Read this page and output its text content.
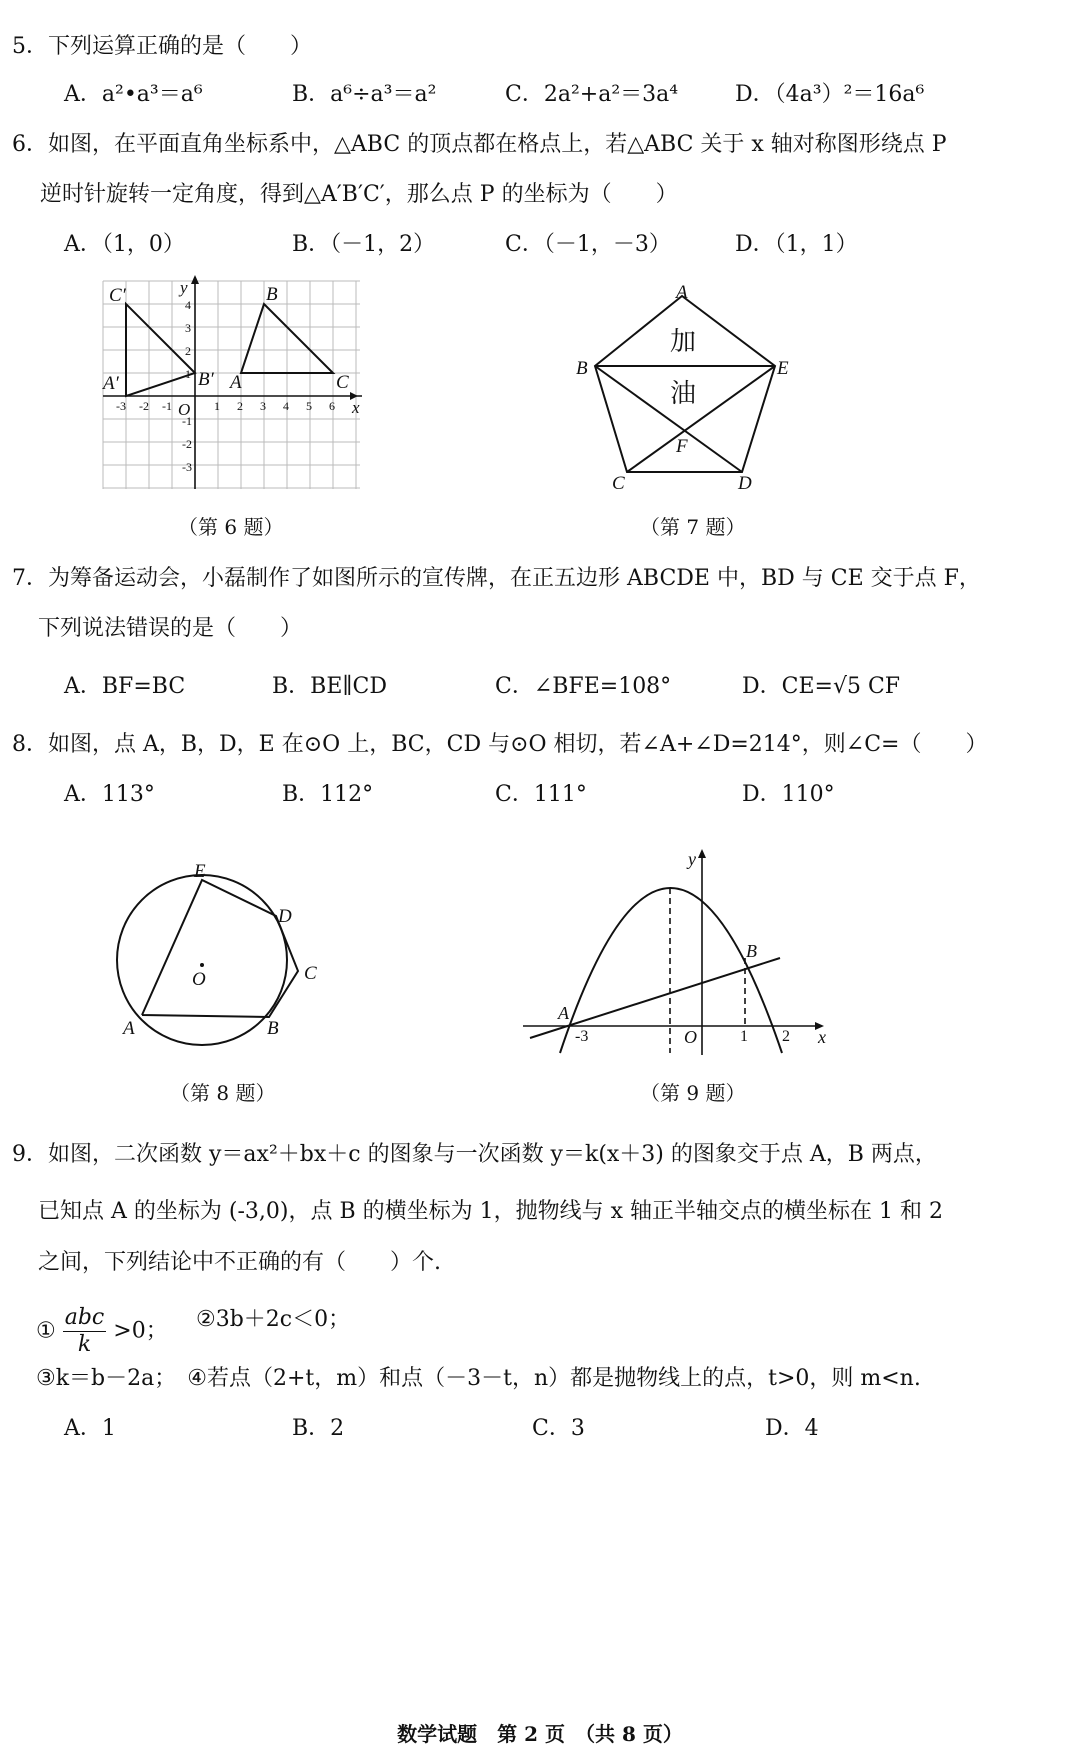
5．下列运算正确的是（　　）
A．a²•a³＝a⁶	B．a⁶÷a³＝a²	C．2a²+a²＝3a⁴	D．（4a³）²＝16a⁶
6．如图，在平面直角坐标系中，△ABC 的顶点都在格点上，若△ABC 关于 x 轴对称图形绕点 P
逆时针旋转一定角度，得到△A′B′C′，那么点 P 的坐标为（　　）
A．（1，0）	B．（－1，2）	C．（－1，－3）	D．（1，1）
x
y
O
-3 -2 -1	1 2 3 4 5 6
4
3
2
1
-1
-2
-3
A
B
C
A′	B′
C′
（第 6 题）
A
B
C	D
E
F
加
油
（第 7 题）
7．为筹备运动会，小磊制作了如图所示的宣传牌，在正五边形 ABCDE 中，BD 与 CE 交于点 F，
下列说法错误的是（　　）
A．BF=BC	B．BE∥CD	C．∠BFE=108°	D．CE=√5 CF
8．如图，点 A，B，D，E 在⊙O 上，BC，CD 与⊙O 相切，若∠A+∠D=214°，则∠C=（　　）
A．113°	B．112°	C．111°	D．110°
E
D
C
B
A
O
（第 8 题）
y
x
A
B
O
-3	1 2
（第 9 题）
9．如图，二次函数 y＝ax²＋bx＋c 的图象与一次函数 y＝k(x＋3) 的图象交于点 A，B 两点，
已知点 A 的坐标为 (-3,0)，点 B 的横坐标为 1，抛物线与 x 轴正半轴交点的横坐标在 1 和 2
之间，下列结论中不正确的有（　　）个.
①
abc
k
>0； ②3b＋2c＜0；
③k＝b－2a；　④若点（2+t，m）和点（－3－t，n）都是抛物线上的点，t>0，则 m<n.
A．1	B．2	C．3	D．4
数学试题　第 2 页　（共 8 页）
